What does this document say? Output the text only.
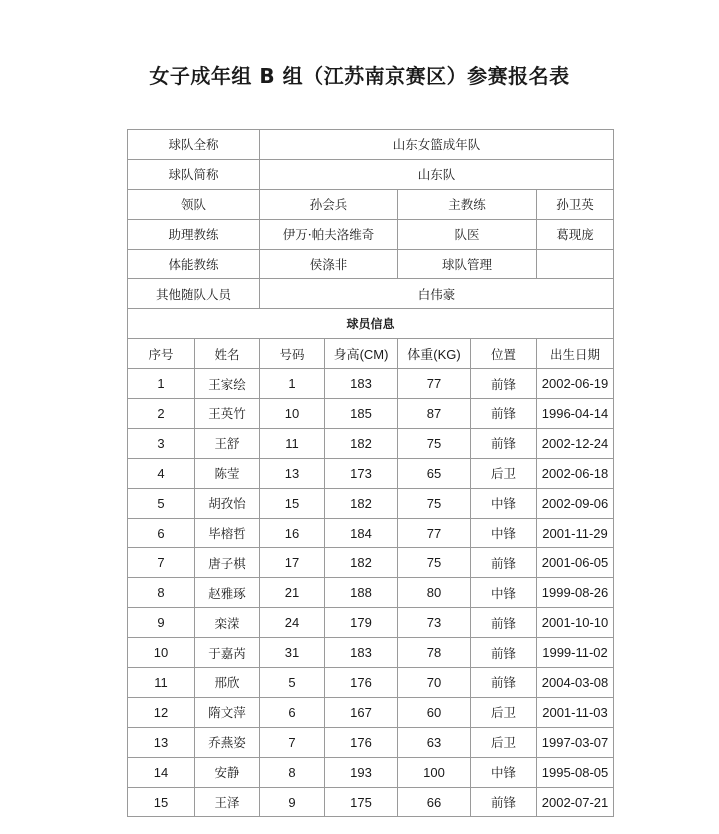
女子成年组 B 组（江苏南京赛区）参赛报名表
球队全称		山东女篮成年队				
球队简称		山东队				
领队		孙会兵		主教练		孙卫英
助理教练		伊万·帕夫洛维奇		队医		葛现庞
体能教练		侯涤非		球队管理		
其他随队人员		白伟豪				
球员信息						
序号	姓名	号码	身高(CM)	体重(KG)	位置	出生日期
1	王家绘	1	183	77	前锋	2002-06-19
2	王英竹	10	185	87	前锋	1996-04-14
3	王舒	11	182	75	前锋	2002-12-24
4	陈莹	13	173	65	后卫	2002-06-18
5	胡孜怡	15	182	75	中锋	2002-09-06
6	毕榕哲	16	184	77	中锋	2001-11-29
7	唐子棋	17	182	75	前锋	2001-06-05
8	赵雅琢	21	188	80	中锋	1999-08-26
9	栾溁	24	179	73	前锋	2001-10-10
10	于嘉芮	31	183	78	前锋	1999-11-02
11	邢欣	5	176	70	前锋	2004-03-08
12	隋文萍	6	167	60	后卫	2001-11-03
13	乔燕姿	7	176	63	后卫	1997-03-07
14	安静	8	193	100	中锋	1995-08-05
15	王泽	9	175	66	前锋	2002-07-21
